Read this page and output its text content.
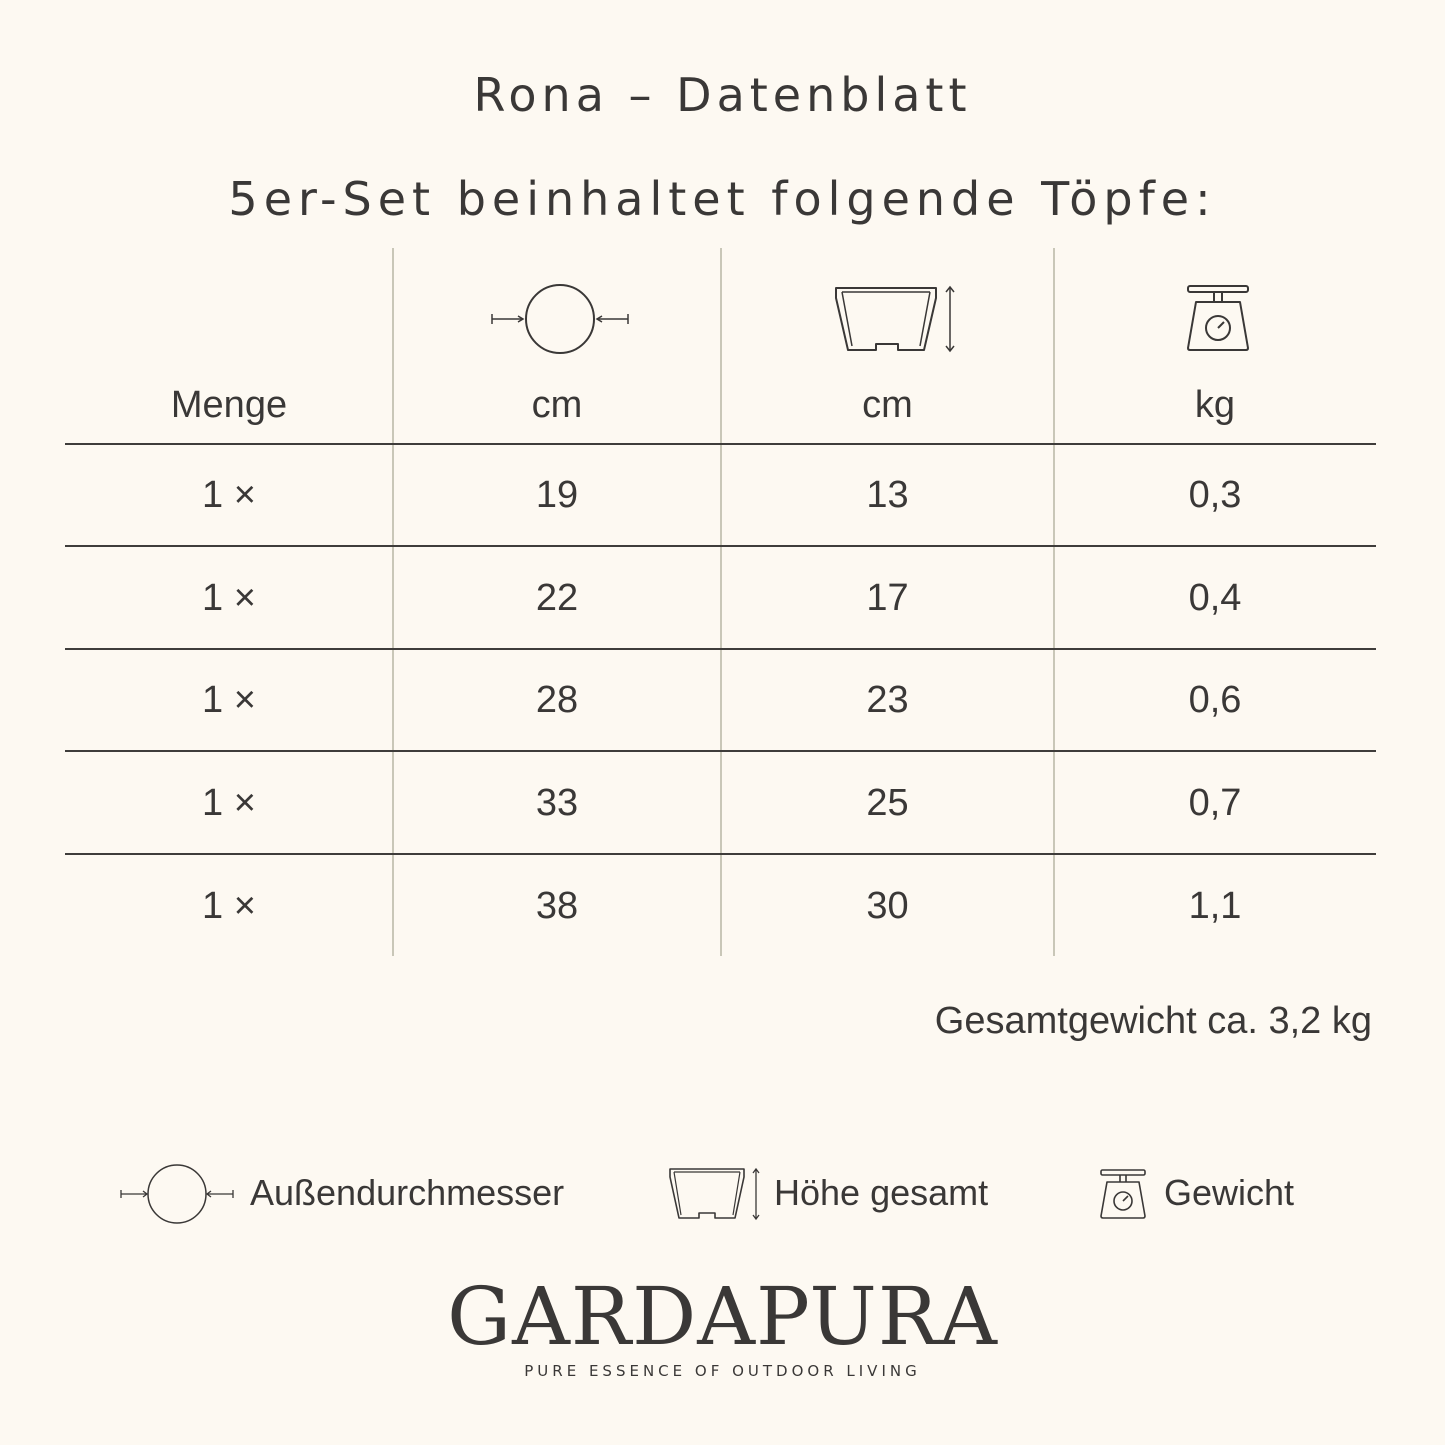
Rona – Datenblatt
5er-Set beinhaltet folgende Töpfe:
Menge	cm	cm	kg
1 ×	19	13	0,3
1 ×	22	17	0,4
1 ×	28	23	0,6
1 ×	33	25	0,7
1 ×	38	30	1,1
Gesamtgewicht ca. 3,2 kg
Außendurchmesser	Höhe gesamt	Gewicht
GARDAPURA
PURE ESSENCE OF OUTDOOR LIVING
